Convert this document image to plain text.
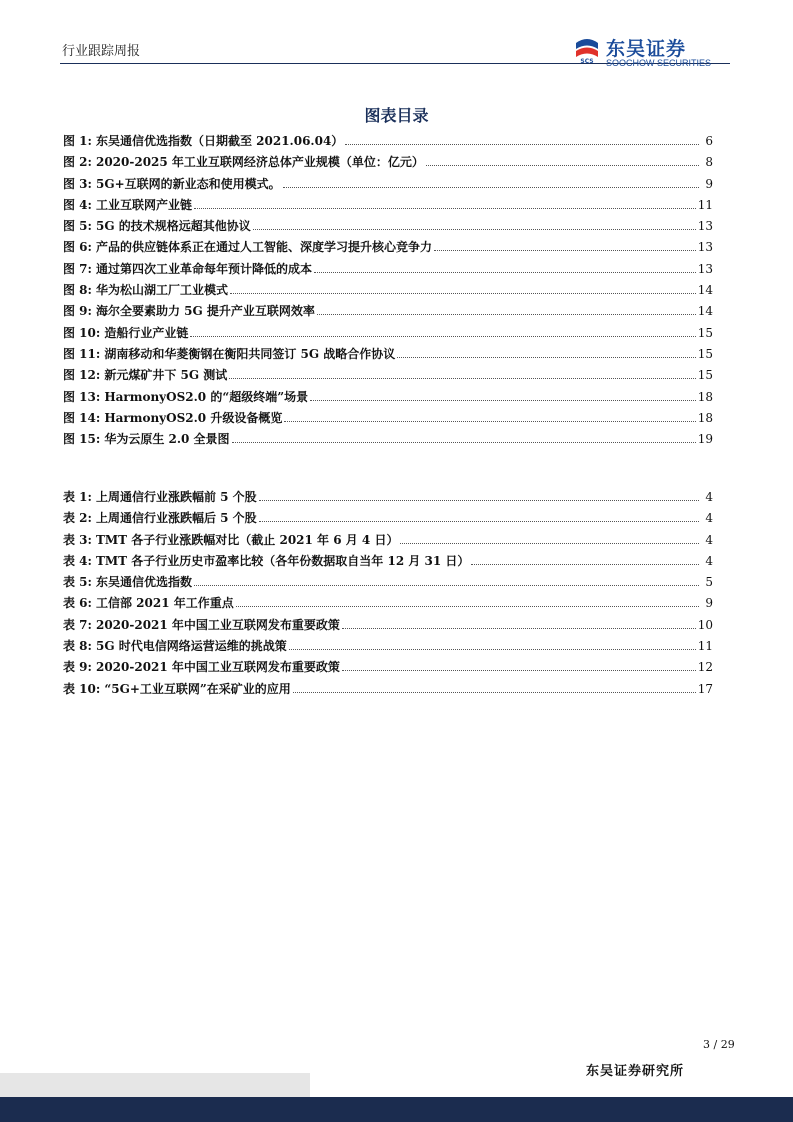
行业跟踪周报
SCS
东吴证券
SOOCHOW SECURITIES
图表目录
图 1: 东吴通信优选指数（日期截至 2021.06.04）	6
图 2: 2020-2025 年工业互联网经济总体产业规模（单位：亿元）	8
图 3: 5G+互联网的新业态和使用模式。	9
图 4: 工业互联网产业链	11
图 5: 5G 的技术规格远超其他协议	13
图 6: 产品的供应链体系正在通过人工智能、深度学习提升核心竞争力	13
图 7: 通过第四次工业革命每年预计降低的成本	13
图 8: 华为松山湖工厂工业模式	14
图 9: 海尔全要素助力 5G 提升产业互联网效率	14
图 10: 造船行业产业链	15
图 11: 湖南移动和华菱衡钢在衡阳共同签订 5G 战略合作协议	15
图 12: 新元煤矿井下 5G 测试	15
图 13: HarmonyOS2.0 的“超级终端”场景	18
图 14: HarmonyOS2.0 升级设备概览	18
图 15: 华为云原生 2.0 全景图	19
表 1: 上周通信行业涨跌幅前 5 个股	4
表 2: 上周通信行业涨跌幅后 5 个股	4
表 3: TMT 各子行业涨跌幅对比（截止 2021 年 6 月 4 日）	4
表 4: TMT 各子行业历史市盈率比较（各年份数据取自当年 12 月 31 日）	4
表 5: 东吴通信优选指数	5
表 6: 工信部 2021 年工作重点	9
表 7: 2020-2021 年中国工业互联网发布重要政策	10
表 8: 5G 时代电信网络运营运维的挑战策	11
表 9: 2020-2021 年中国工业互联网发布重要政策	12
表 10: “5G+工业互联网”在采矿业的应用	17
3 / 29
东吴证券研究所
